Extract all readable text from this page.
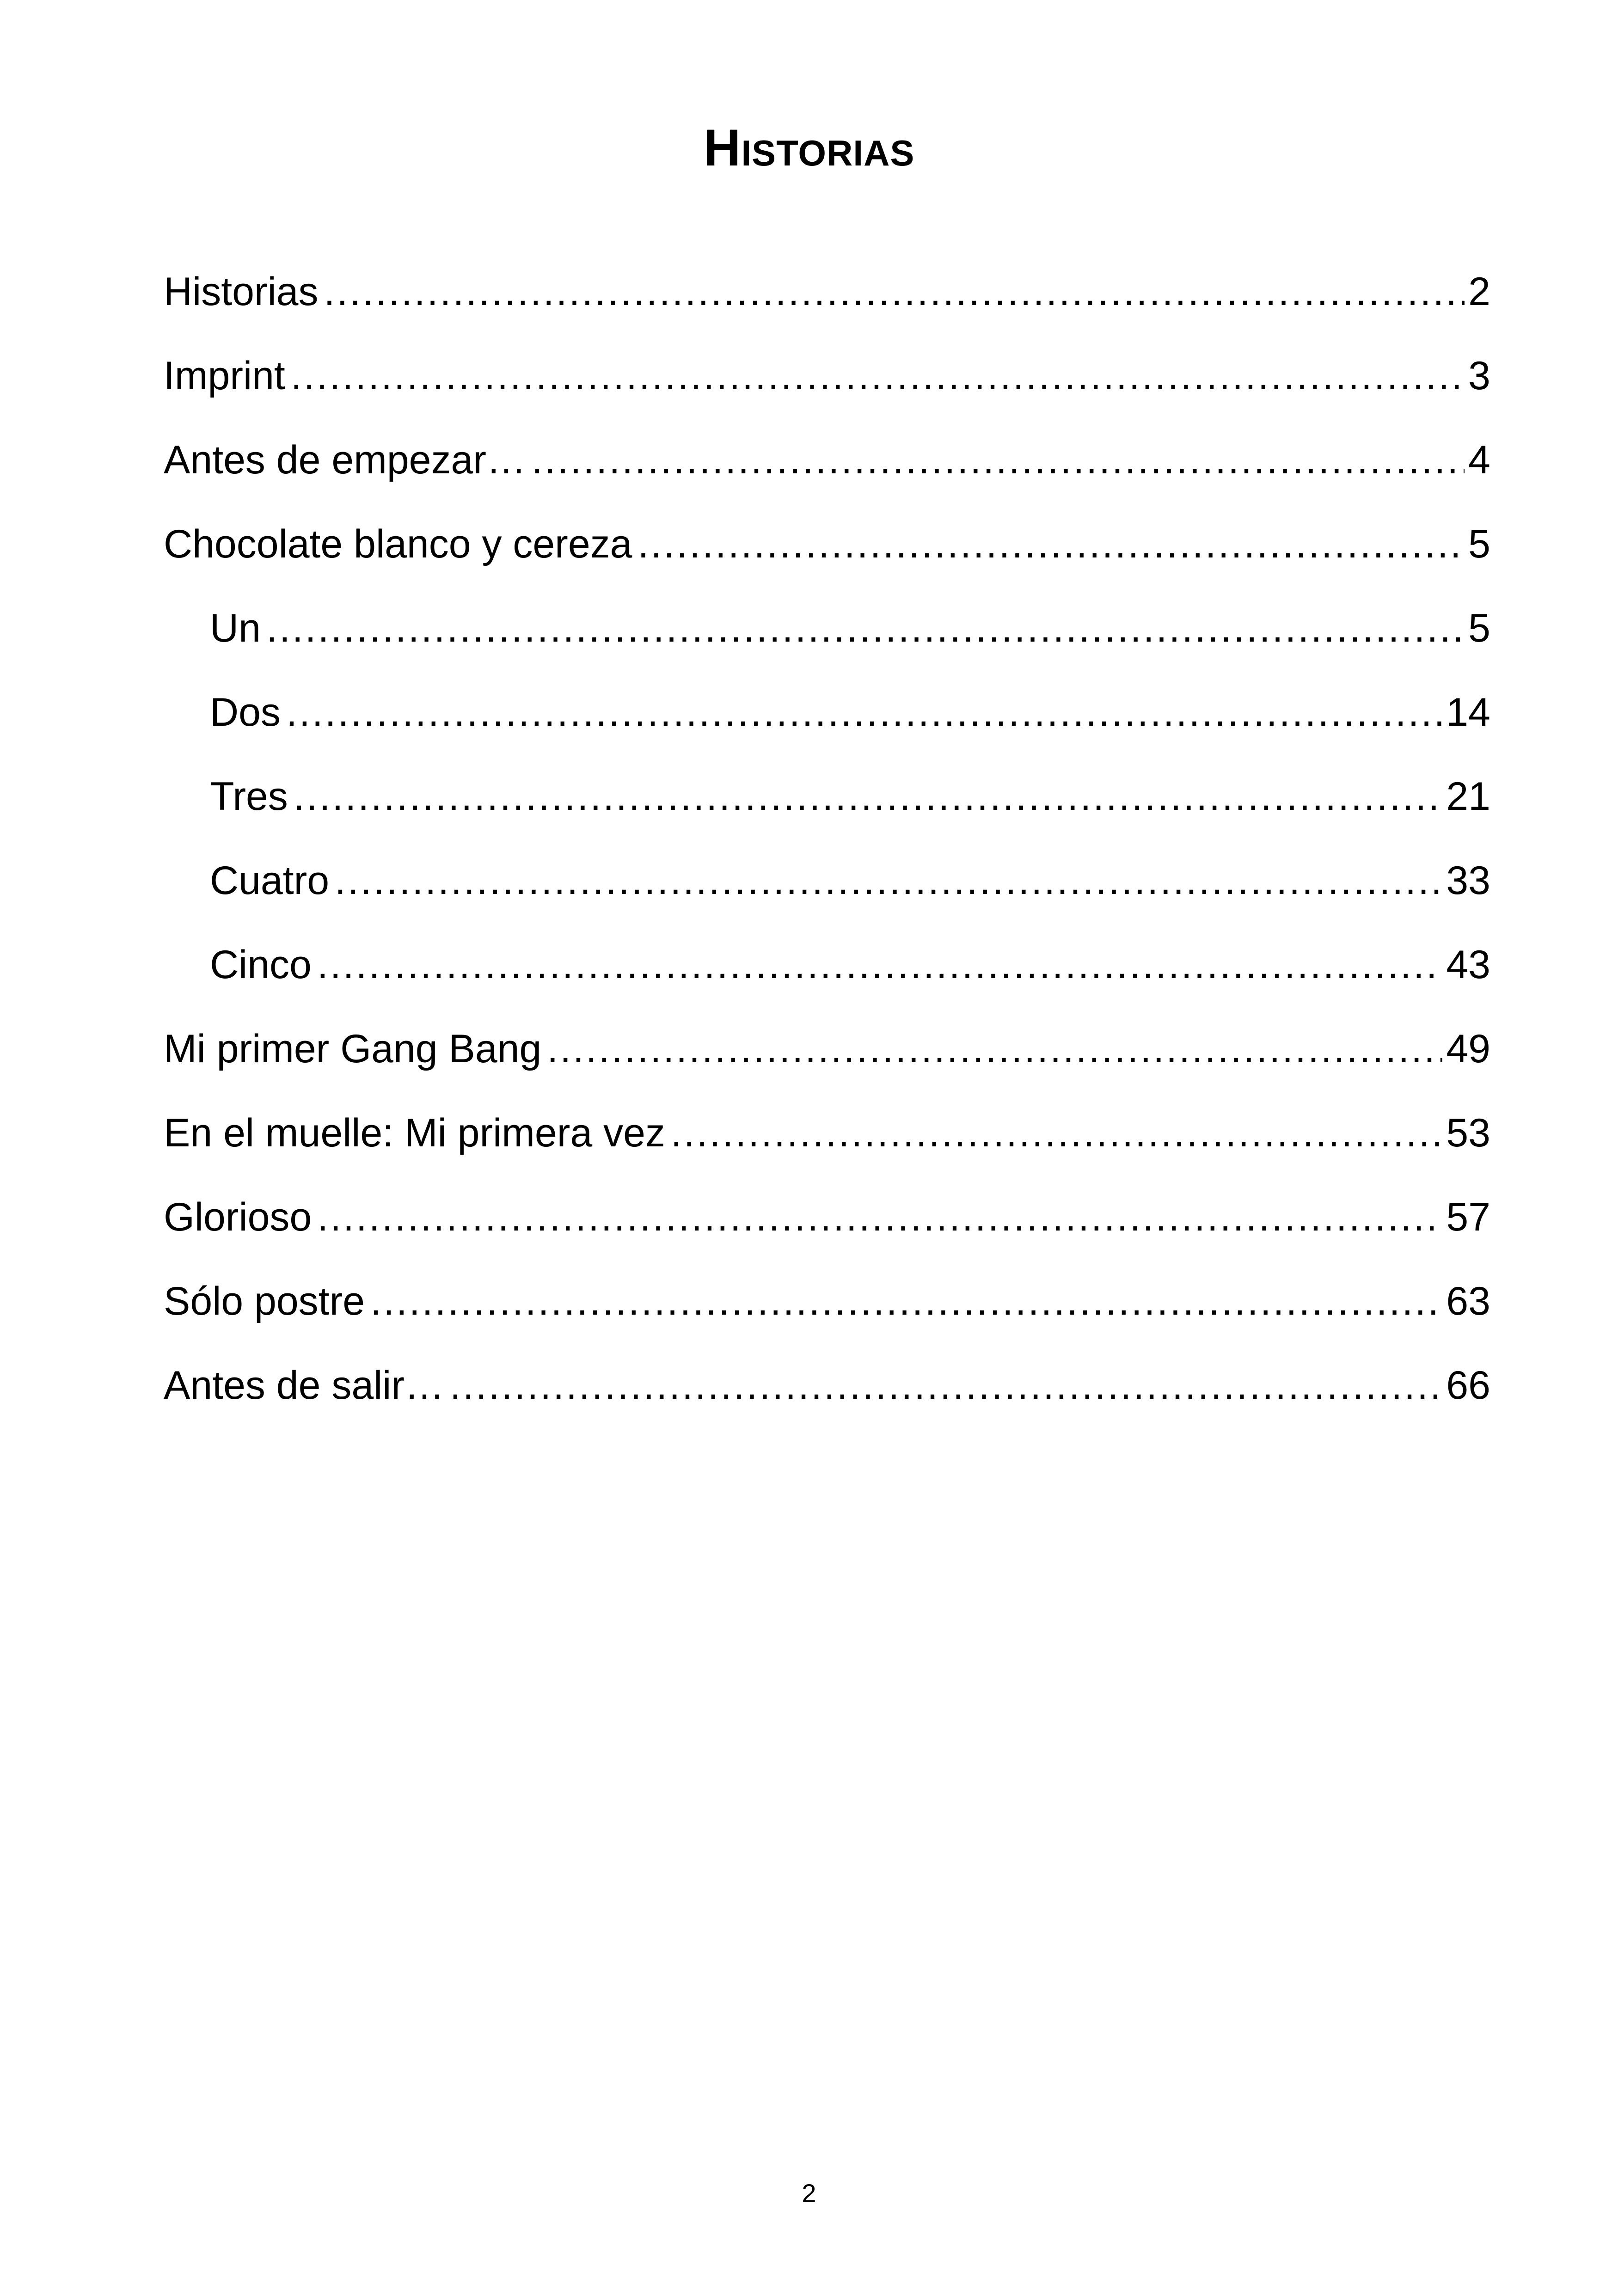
Historias
Historias .....	2
Imprint .....	3
Antes de empezar… .....	4
Chocolate blanco y cereza .....	5
Un .....	5
Dos .....	14
Tres .....	21
Cuatro .....	33
Cinco .....	43
Mi primer Gang Bang .....	49
En el muelle: Mi primera vez .....	53
Glorioso .....	57
Sólo postre .....	63
Antes de salir… .....	66
2
